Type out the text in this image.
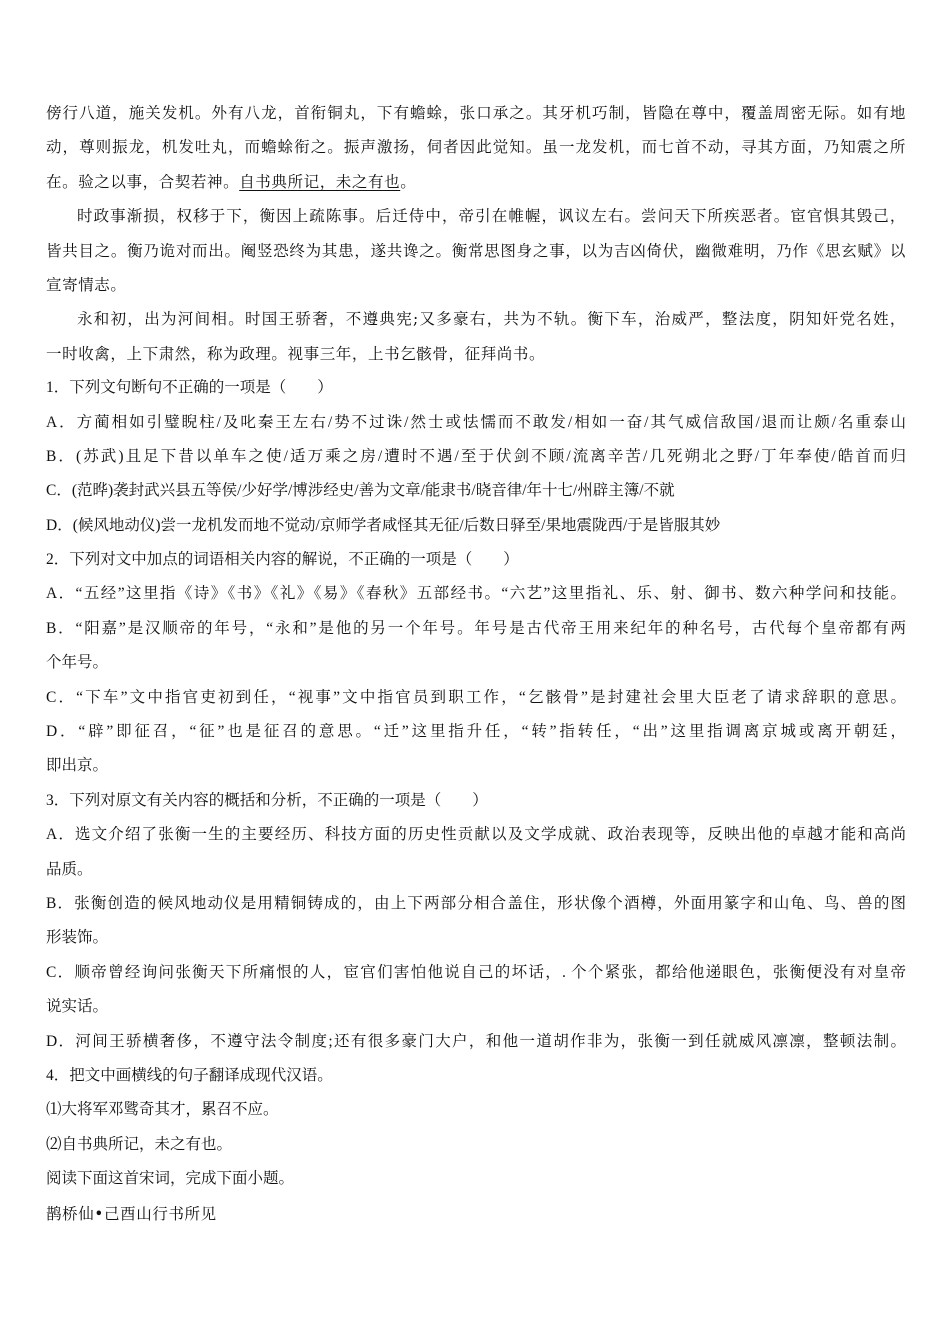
傍行八道，施关发机。外有八龙，首衔铜丸，下有蟾蜍，张口承之。其牙机巧制，皆隐在尊中，覆盖周密无际。如有地
动，尊则振龙，机发吐丸，而蟾蜍衔之。振声激扬，伺者因此觉知。虽一龙发机，而七首不动，寻其方面，乃知震之所
在。验之以事，合契若神。自书典所记，未之有也。
时政事渐损，权移于下，衡因上疏陈事。后迁侍中，帝引在帷幄，讽议左右。尝问天下所疾恶者。宦官惧其毁己，
皆共目之。衡乃诡对而出。阉竖恐终为其患，遂共谗之。衡常思图身之事，以为吉凶倚伏，幽微难明，乃作《思玄赋》以
宣寄情志。
永和初，出为河间相。时国王骄奢，不遵典宪;又多豪右，共为不轨。衡下车，治威严，整法度，阴知奸党名姓，
一时收禽，上下肃然，称为政理。视事三年，上书乞骸骨，征拜尚书。
1．下列文句断句不正确的一项是（　　）
A．方蔺相如引璧睨柱/及叱秦王左右/势不过诛/然士或怯懦而不敢发/相如一奋/其气威信敌国/退而让颇/名重泰山
B．(苏武)且足下昔以单车之使/适万乘之房/遭时不遇/至于伏剑不顾/流离辛苦/几死朔北之野/丁年奉使/皓首而归
C．(范晔)袭封武兴县五等侯/少好学/博涉经史/善为文章/能隶书/晓音律/年十七/州辟主簿/不就
D．(候风地动仪)尝一龙机发而地不觉动/京师学者咸怪其无征/后数日驿至/果地震陇西/于是皆服其妙
2．下列对文中加点的词语相关内容的解说，不正确的一项是（　　）
A．“五经”这里指《诗》《书》《礼》《易》《春秋》五部经书。“六艺”这里指礼、乐、射、御书、数六种学问和技能。
B．“阳嘉”是汉顺帝的年号，“永和”是他的另一个年号。年号是古代帝王用来纪年的种名号，古代每个皇帝都有两
个年号。
C．“下车”文中指官吏初到任，“视事”文中指官员到职工作，“乞骸骨”是封建社会里大臣老了请求辞职的意思。
D．“辟”即征召，“征”也是征召的意思。“迁”这里指升任，“转”指转任，“出”这里指调离京城或离开朝廷，
即出京。
3．下列对原文有关内容的概括和分析，不正确的一项是（　　）
A．选文介绍了张衡一生的主要经历、科技方面的历史性贡献以及文学成就、政治表现等，反映出他的卓越才能和高尚
品质。
B．张衡创造的候风地动仪是用精铜铸成的，由上下两部分相合盖住，形状像个酒樽，外面用篆字和山龟、鸟、兽的图
形装饰。
C．顺帝曾经询问张衡天下所痛恨的人，宦官们害怕他说自己的坏话，. 个个紧张，都给他递眼色，张衡便没有对皇帝
说实话。
D．河间王骄横奢侈，不遵守法令制度;还有很多豪门大户，和他一道胡作非为，张衡一到任就威风凛凛，整顿法制。
4．把文中画横线的句子翻译成现代汉语。
⑴大将军邓骘奇其才，累召不应。
⑵自书典所记，未之有也。
阅读下面这首宋词，完成下面小题。
鹊桥仙•己酉山行书所见
